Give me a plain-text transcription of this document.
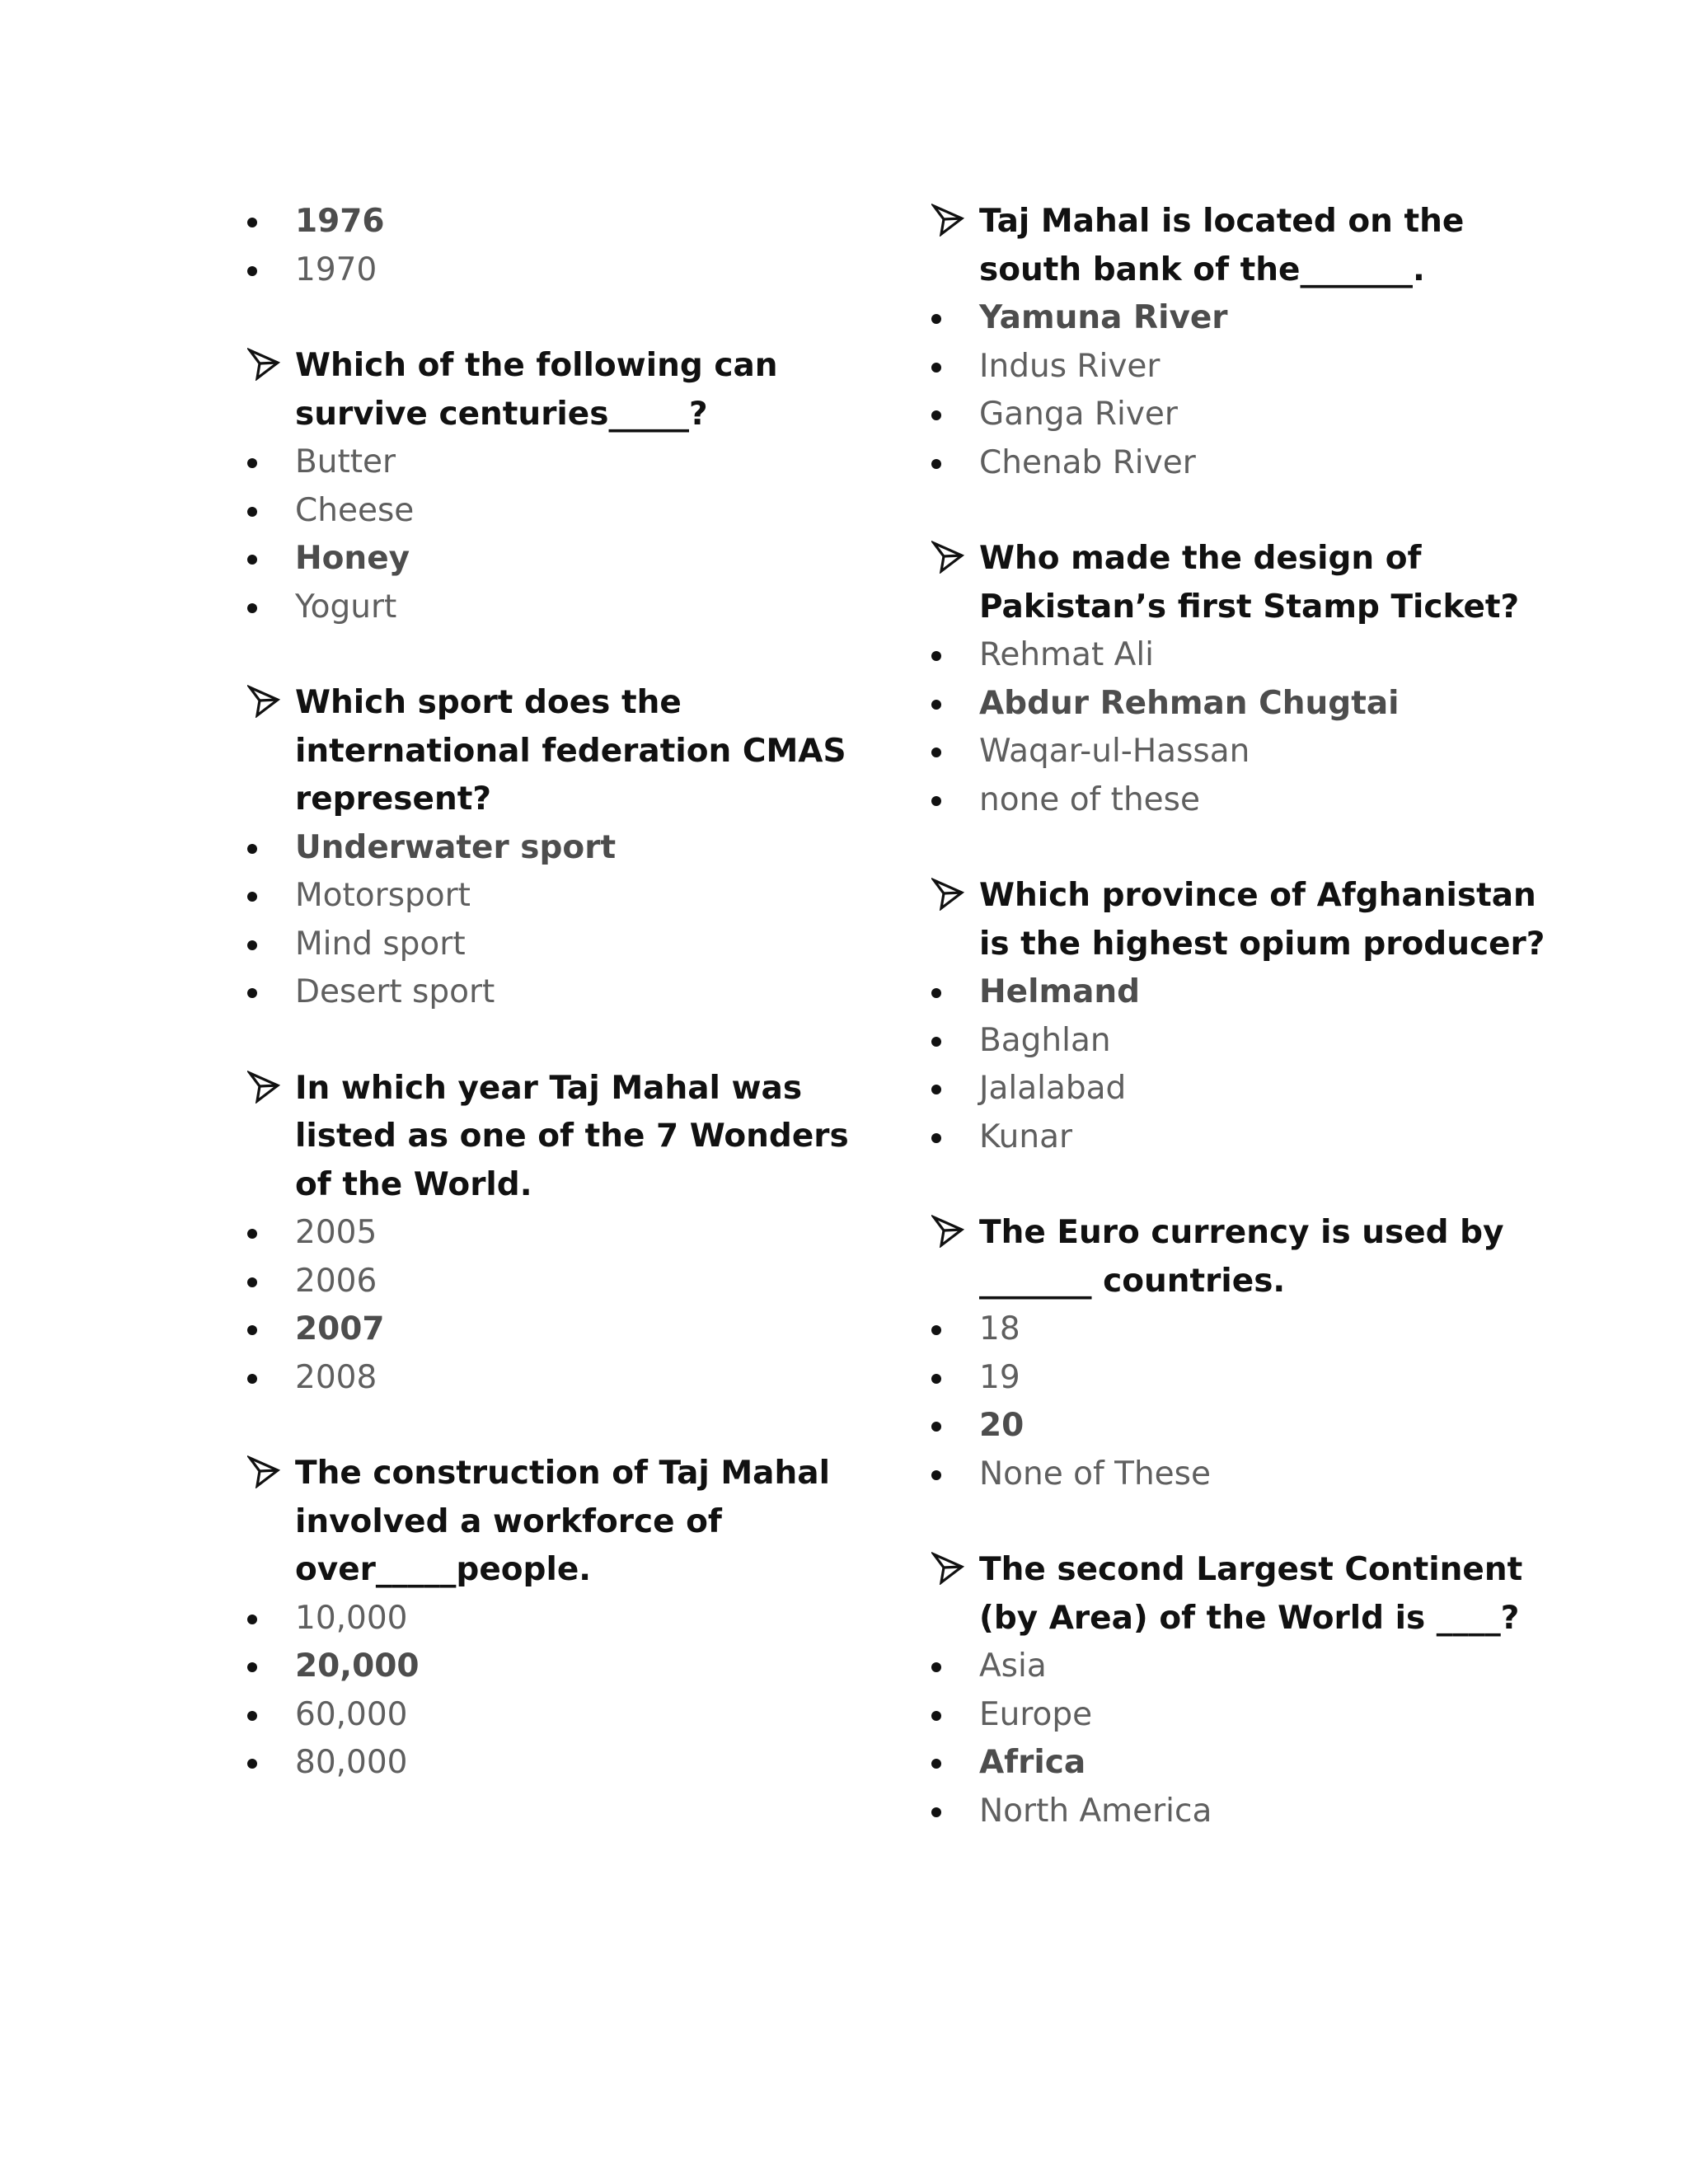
1976
1970
Which of the following can survive centuries_____?
Butter
Cheese
Honey
Yogurt
Which sport does the international federation CMAS represent?
Underwater sport
Motorsport
Mind sport
Desert sport
In which year Taj Mahal was listed as one of the 7 Wonders of the World.
2005
2006
2007
2008
The construction of Taj Mahal involved a workforce of over_____people.
10,000
20,000
60,000
80,000
Taj Mahal is located on the south bank of the_______.
Yamuna River
Indus River
Ganga River
Chenab River
Who made the design of Pakistan’s first Stamp Ticket?
Rehmat Ali
Abdur Rehman Chugtai
Waqar-ul-Hassan
none of these
Which province of Afghanistan is the highest opium producer?
Helmand
Baghlan
Jalalabad
Kunar
The Euro currency is used by _______ countries.
18
19
20
None of These
The second Largest Continent (by Area) of the World is ____?
Asia
Europe
Africa
North America
